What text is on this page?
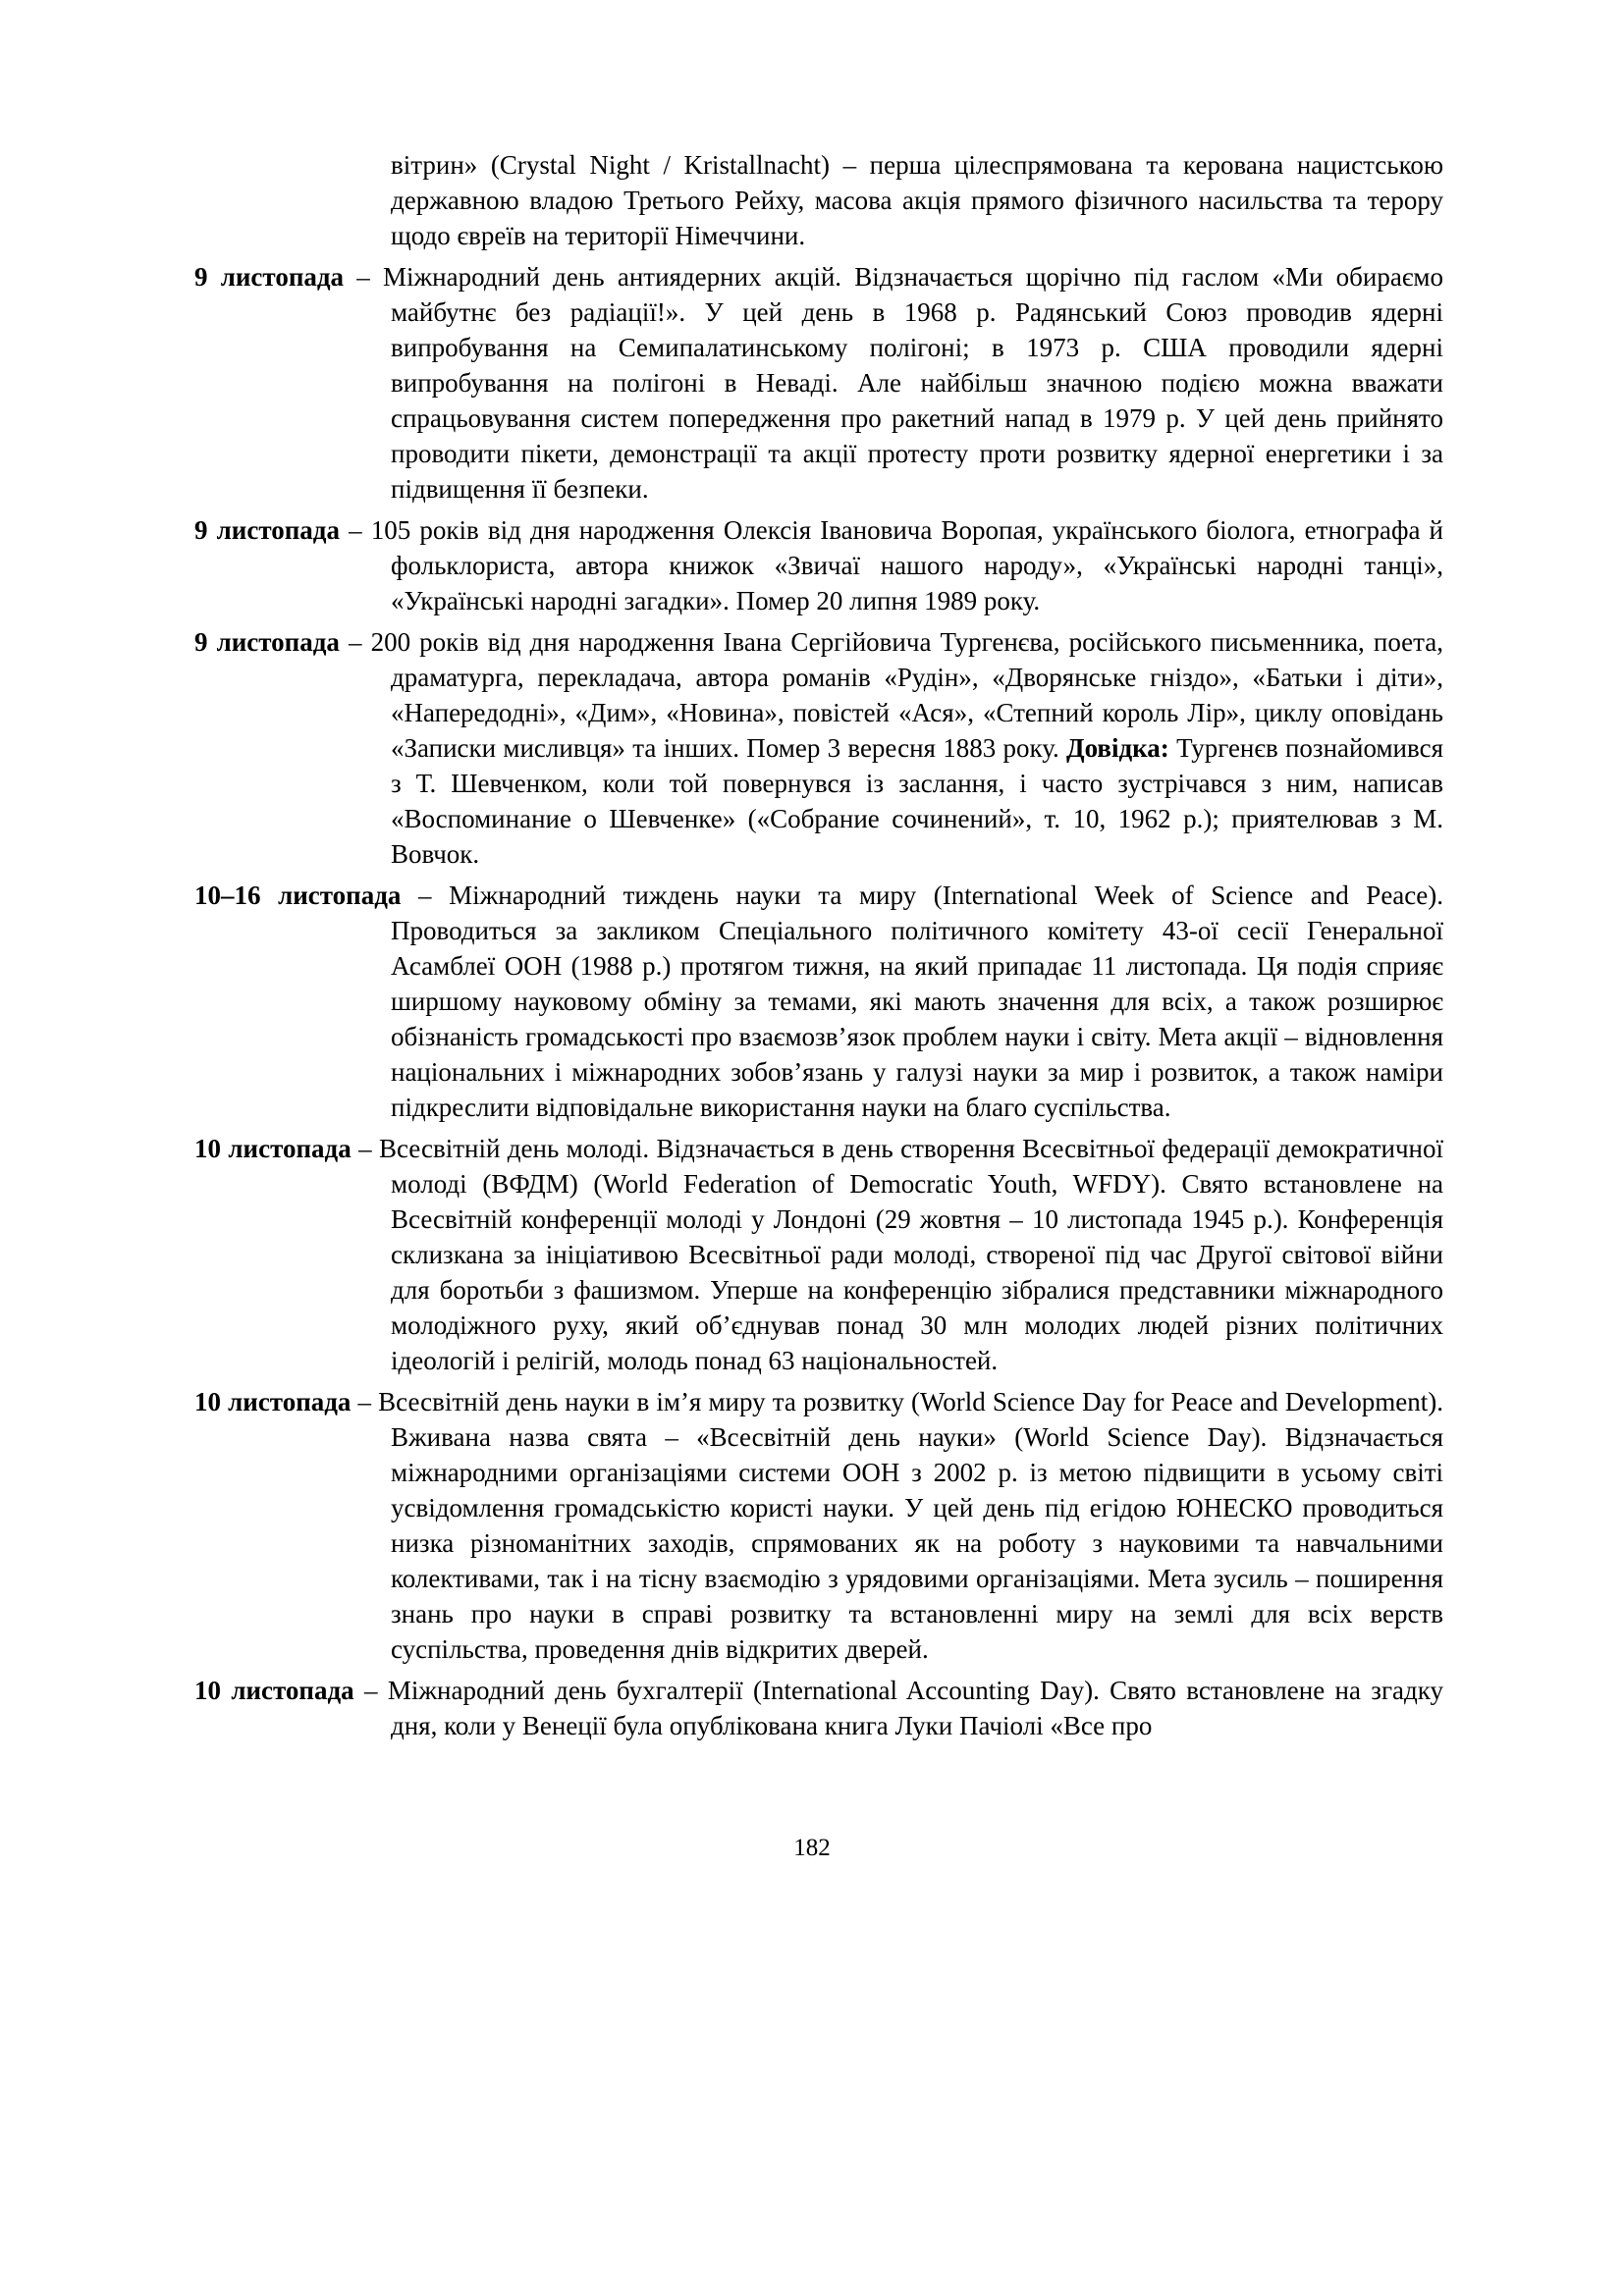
вітрин» (Crystal Night / Kristallnacht) – перша цілеспрямована та керована нацистською державною владою Третього Рейху, масова акція прямого фізичного насильства та терору щодо євреїв на території Німеччини.

9 листопада – Міжнародний день антиядерних акцій. Відзначається щорічно під гаслом «Ми обираємо майбутнє без радіації!». У цей день в 1968 р. Радянський Союз проводив ядерні випробування на Семипалатинському полігоні; в 1973 р. США проводили ядерні випробування на полігоні в Неваді. Але найбільш значною подією можна вважати спрацьовування систем попередження про ракетний напад в 1979 р. У цей день прийнято проводити пікети, демонстрації та акції протесту проти розвитку ядерної енергетики і за підвищення її безпеки.

9 листопада – 105 років від дня народження Олексія Івановича Воропая, українського біолога, етнографа й фольклориста, автора книжок «Звичаї нашого народу», «Українські народні танці», «Українські народні загадки». Помер 20 липня 1989 року.

9 листопада – 200 років від дня народження Івана Сергійовича Тургенєва, російського письменника, поета, драматурга, перекладача, автора романів «Рудін», «Дворянське гніздо», «Батьки і діти», «Напередодні», «Дим», «Новина», повістей «Ася», «Степний король Лір», циклу оповідань «Записки мисливця» та інших. Помер 3 вересня 1883 року. Довідка: Тургенєв познайомився з Т. Шевченком, коли той повернувся із заслання, і часто зустрічався з ним, написав «Воспоминание о Шевченке» («Собрание сочинений», т. 10, 1962 р.); приятелював з М. Вовчок.

10–16 листопада – Міжнародний тиждень науки та миру (International Week of Science and Peace). Проводиться за закликом Спеціального політичного комітету 43-ої сесії Генеральної Асамблеї ООН (1988 р.) протягом тижня, на який припадає 11 листопада. Ця подія сприяє ширшому науковому обміну за темами, які мають значення для всіх, а також розширює обізнаність громадськості про взаємозв’язок проблем науки і світу. Мета акції – відновлення національних і міжнародних зобов’язань у галузі науки за мир і розвиток, а також наміри підкреслити відповідальне використання науки на благо суспільства.

10 листопада – Всесвітній день молоді. Відзначається в день створення Всесвітньої федерації демократичної молоді (ВФДМ) (World Federation of Democratic Youth, WFDY). Свято встановлене на Всесвітній конференції молоді у Лондоні (29 жовтня – 10 листопада 1945 р.). Конференція склизкана за ініціативою Всесвітньої ради молоді, створеної під час Другої світової війни для боротьби з фашизмом. Уперше на конференцію зібралися представники міжнародного молодіжного руху, який об’єднував понад 30 млн молодих людей різних політичних ідеологій і релігій, молодь понад 63 національностей.

10 листопада – Всесвітній день науки в ім’я миру та розвитку (World Science Day for Peace and Development). Вживана назва свята – «Всесвітній день науки» (World Science Day). Відзначається міжнародними організаціями системи ООН з 2002 р. із метою підвищити в усьому світі усвідомлення громадськістю користі науки. У цей день під егідою ЮНЕСКО проводиться низка різноманітних заходів, спрямованих як на роботу з науковими та навчальними колективами, так і на тісну взаємодію з урядовими організаціями. Мета зусиль – поширення знань про науки в справі розвитку та встановленні миру на землі для всіх верств суспільства, проведення днів відкритих дверей.

10 листопада – Міжнародний день бухгалтерії (International Accounting Day). Свято встановлене на згадку дня, коли у Венеції була опублікована книга Луки Пачіолі «Все про

182
